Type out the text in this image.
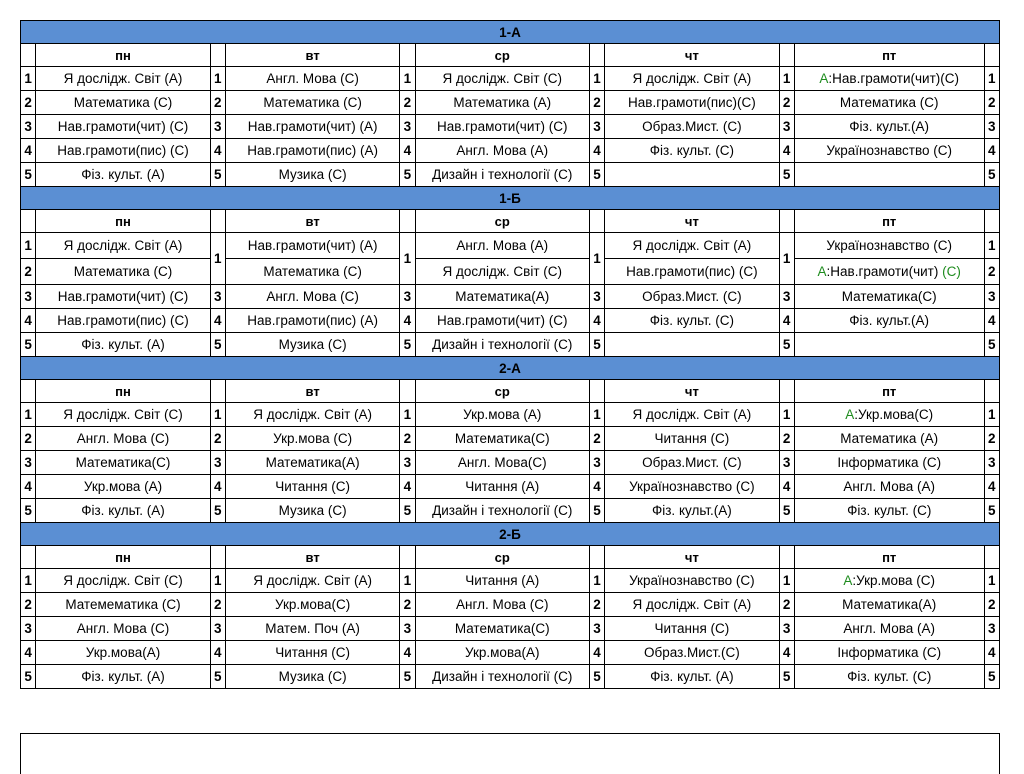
1-А										
	пн		вт		ср		чт		пт	
1	Я дослідж. Світ (А)	1	Англ. Мова (С)	1	Я дослідж. Світ (С)	1	Я дослідж. Світ (А)	1	А:Нав.грамоти(чит)(С)	1
2	Математика (С)	2	Математика (С)	2	Математика (А)	2	Нав.грамоти(пис)(С)	2	Математика (С)	2
3	Нав.грамоти(чит) (С)	3	Нав.грамоти(чит) (А)	3	Нав.грамоти(чит) (С)	3	Образ.Мист. (С)	3	Фіз. культ.(А)	3
4	Нав.грамоти(пис) (С)	4	Нав.грамоти(пис) (А)	4	Англ. Мова (А)	4	Фіз. культ. (С)	4	Українознавство (С)	4
5	Фіз. культ. (А)	5	Музика (С)	5	Дизайн і технології (С)	5		5		5
1-Б										
	пн		вт		ср		чт		пт	
1	Я дослідж. Світ (А)	1	Нав.грамоти(чит) (А)	1	Англ. Мова (А)	1	Я дослідж. Світ (А)	1	Українознавство (С)	1
2	Математика (С)		Математика (С)		Я дослідж. Світ (С)		Нав.грамоти(пис) (С)		А:Нав.грамоти(чит) (С)	2
3	Нав.грамоти(чит) (С)	3	Англ. Мова (С)	3	Математика(А)	3	Образ.Мист. (С)	3	Математика(С)	3
4	Нав.грамоти(пис) (С)	4	Нав.грамоти(пис) (А)	4	Нав.грамоти(чит) (С)	4	Фіз. культ. (С)	4	Фіз. культ.(А)	4
5	Фіз. культ. (А)	5	Музика (С)	5	Дизайн і технології (С)	5		5		5
2-А										
	пн		вт		ср		чт		пт	
1	Я дослідж. Світ (С)	1	Я дослідж. Світ (А)	1	Укр.мова (А)	1	Я дослідж. Світ (А)	1	А:Укр.мова(С)	1
2	Англ. Мова (С)	2	Укр.мова (С)	2	Математика(С)	2	Читання (С)	2	Математика (А)	2
3	Математика(С)	3	Математика(А)	3	Англ. Мова(С)	3	Образ.Мист. (С)	3	Інформатика (С)	3
4	Укр.мова (А)	4	Читання (С)	4	Читання (А)	4	Українознавство (С)	4	Англ. Мова (А)	4
5	Фіз. культ. (А)	5	Музика (С)	5	Дизайн і технології (С)	5	Фіз. культ.(А)	5	Фіз. культ. (С)	5
2-Б										
	пн		вт		ср		чт		пт	
1	Я дослідж. Світ (С)	1	Я дослідж. Світ (А)	1	Читання (А)	1	Українознавство (С)	1	А:Укр.мова (С)	1
2	Матемематика (С)	2	Укр.мова(С)	2	Англ. Мова (С)	2	Я дослідж. Світ (А)	2	Математика(А)	2
3	Англ. Мова (С)	3	Матем. Поч (А)	3	Математика(С)	3	Читання (С)	3	Англ. Мова (А)	3
4	Укр.мова(А)	4	Читання (С)	4	Укр.мова(А)	4	Образ.Мист.(С)	4	Інформатика (С)	4
5	Фіз. культ. (А)	5	Музика (С)	5	Дизайн і технології (С)	5	Фіз. культ. (А)	5	Фіз. культ. (С)	5
